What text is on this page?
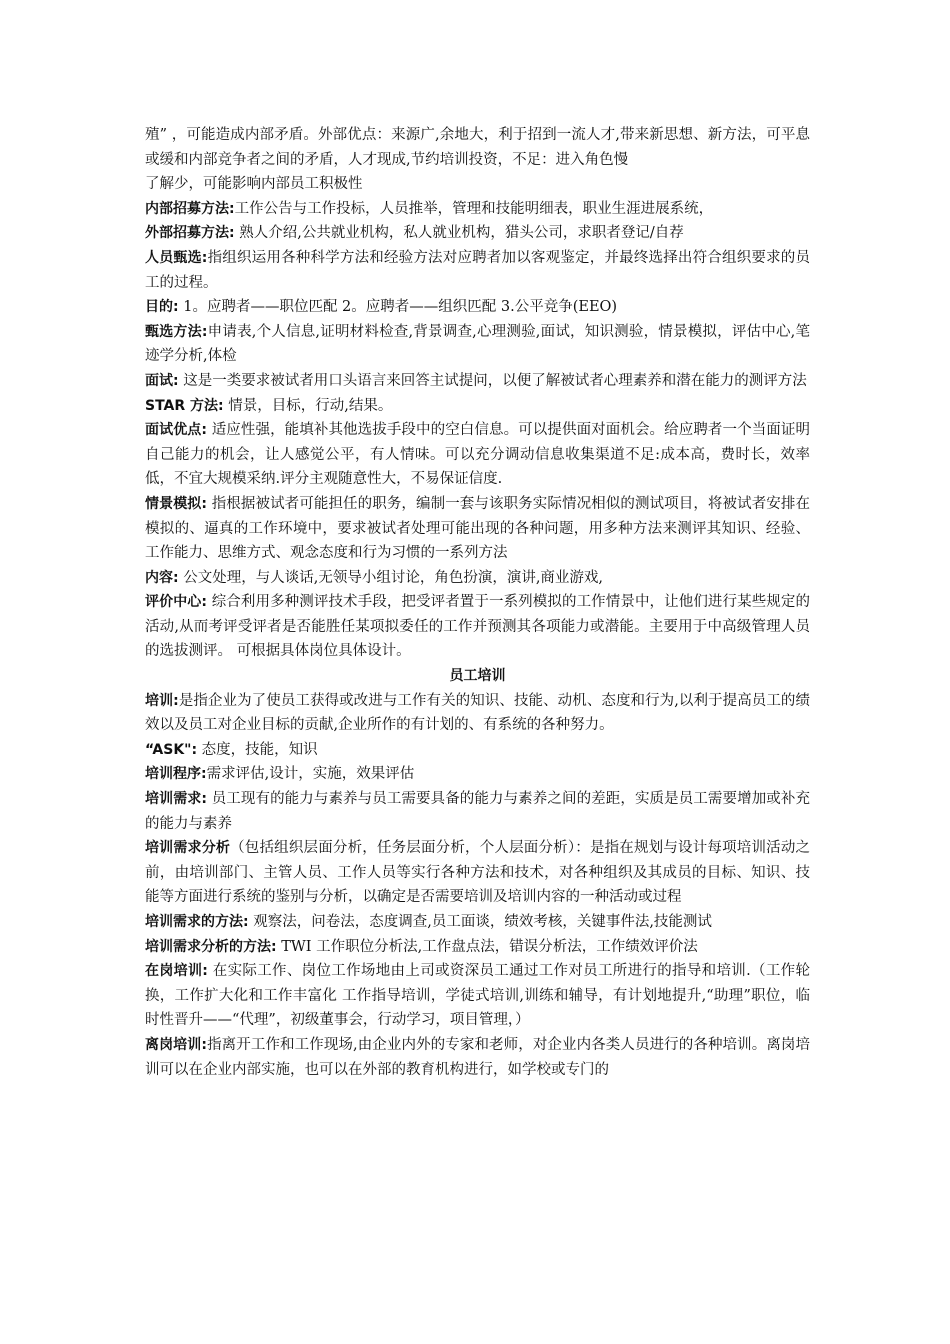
殖” ，可能造成内部矛盾。外部优点：来源广,余地大，利于招到一流人才,带来新思想、新方法，可平息或缓和内部竞争者之间的矛盾，人才现成,节约培训投资，不足：进入角色慢

了解少，可能影响内部员工积极性

内部招募方法:工作公告与工作投标，人员推举，管理和技能明细表，职业生涯进展系统，

外部招募方法: 熟人介绍,公共就业机构，私人就业机构，猎头公司，求职者登记/自荐

人员甄选:指组织运用各种科学方法和经验方法对应聘者加以客观鉴定，并最终选择出符合组织要求的员工的过程。

目的: 1。应聘者——职位匹配 2。应聘者——组织匹配 3.公平竞争(EEO)

甄选方法:申请表,个人信息,证明材料检查,背景调查,心理测验,面试，知识测验，情景模拟，评估中心,笔迹学分析,体检

面试: 这是一类要求被试者用口头语言来回答主试提问，以便了解被试者心理素养和潜在能力的测评方法

STAR 方法: 情景，目标，行动,结果。

面试优点: 适应性强，能填补其他选拔手段中的空白信息。可以提供面对面机会。给应聘者一个当面证明自己能力的机会，让人感觉公平，有人情味。可以充分调动信息收集渠道不足:成本高，费时长，效率低，不宜大规模采纳.评分主观随意性大，不易保证信度.

情景模拟: 指根据被试者可能担任的职务，编制一套与该职务实际情况相似的测试项目，将被试者安排在模拟的、逼真的工作环境中，要求被试者处理可能出现的各种问题，用多种方法来测评其知识、经验、工作能力、思维方式、观念态度和行为习惯的一系列方法

内容: 公文处理，与人谈话,无领导小组讨论，角色扮演，演讲,商业游戏,

评价中心: 综合利用多种测评技术手段，把受评者置于一系列模拟的工作情景中，让他们进行某些规定的活动,从而考评受评者是否能胜任某项拟委任的工作并预测其各项能力或潜能。主要用于中高级管理人员的选拔测评。 可根据具体岗位具体设计。

员工培训

培训:是指企业为了使员工获得或改进与工作有关的知识、技能、动机、态度和行为,以利于提高员工的绩效以及员工对企业目标的贡献,企业所作的有计划的、有系统的各种努力。

“ASK": 态度，技能，知识

培训程序:需求评估,设计，实施，效果评估

培训需求: 员工现有的能力与素养与员工需要具备的能力与素养之间的差距，实质是员工需要增加或补充的能力与素养

培训需求分析（包括组织层面分析，任务层面分析，个人层面分析）：是指在规划与设计每项培训活动之前，由培训部门、主管人员、工作人员等实行各种方法和技术，对各种组织及其成员的目标、知识、技能等方面进行系统的鉴别与分析，以确定是否需要培训及培训内容的一种活动或过程

培训需求的方法: 观察法，问卷法，态度调查,员工面谈，绩效考核，关键事件法,技能测试

培训需求分析的方法: TWI 工作职位分析法,工作盘点法，错误分析法，工作绩效评价法

在岗培训: 在实际工作、岗位工作场地由上司或资深员工通过工作对员工所进行的指导和培训.（工作轮换，工作扩大化和工作丰富化 工作指导培训，学徒式培训,训练和辅导，有计划地提升,“助理”职位，临时性晋升——“代理”，初级董事会，行动学习，项目管理，）

离岗培训:指离开工作和工作现场,由企业内外的专家和老师，对企业内各类人员进行的各种培训。离岗培训可以在企业内部实施，也可以在外部的教育机构进行，如学校或专门的
